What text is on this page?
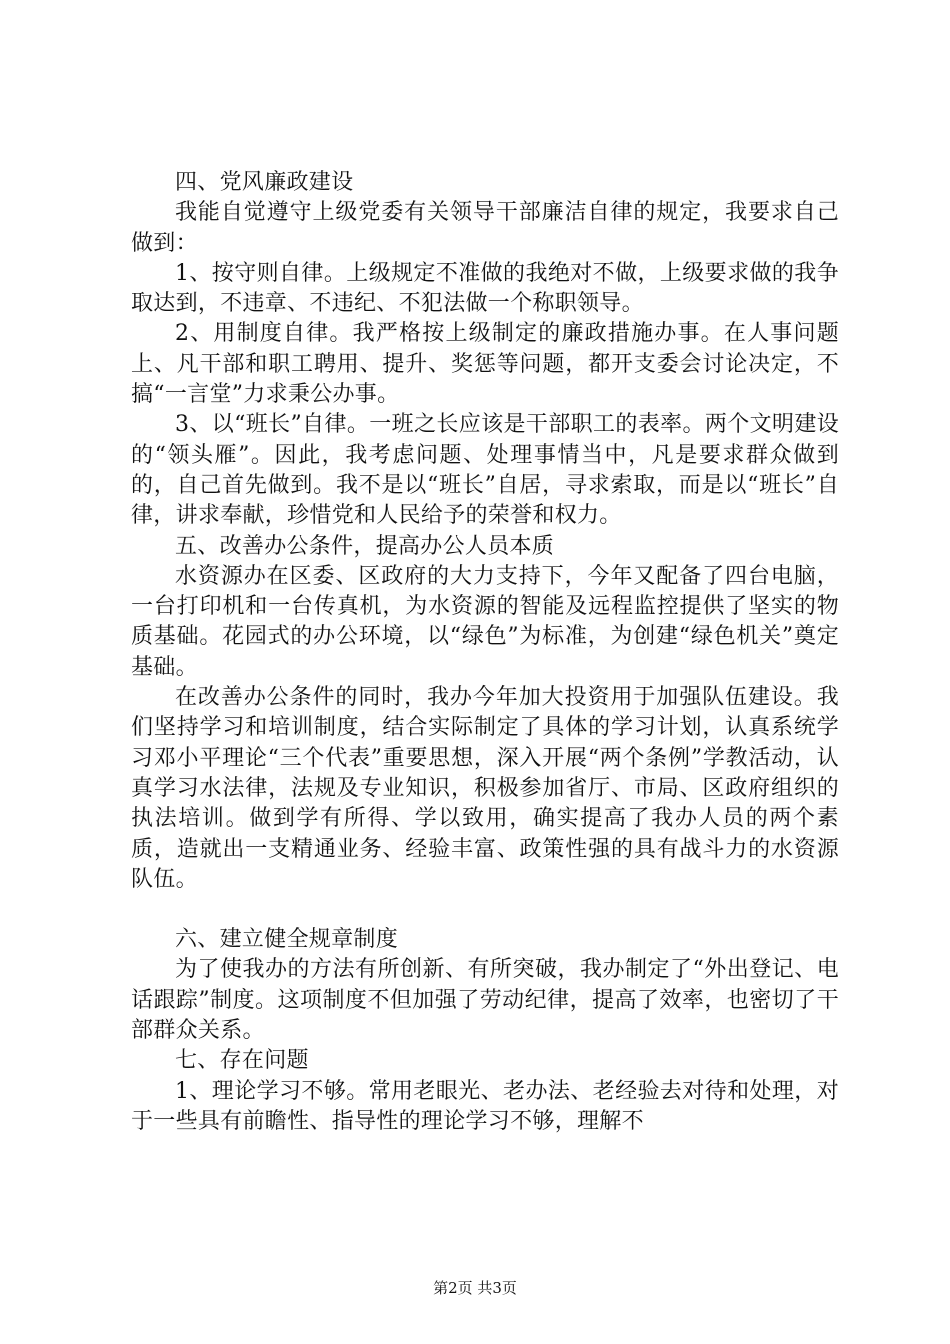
四、党风廉政建设

我能自觉遵守上级党委有关领导干部廉洁自律的规定，我要求自己做到：

1、按守则自律。上级规定不准做的我绝对不做，上级要求做的我争取达到，不违章、不违纪、不犯法做一个称职领导。

2、用制度自律。我严格按上级制定的廉政措施办事。在人事问题上、凡干部和职工聘用、提升、奖惩等问题，都开支委会讨论决定，不搞“一言堂”力求秉公办事。

3、以“班长”自律。一班之长应该是干部职工的表率。两个文明建设的“领头雁”。因此，我考虑问题、处理事情当中，凡是要求群众做到的，自己首先做到。我不是以“班长”自居，寻求索取，而是以“班长”自律，讲求奉献，珍惜党和人民给予的荣誉和权力。

五、改善办公条件，提高办公人员本质

水资源办在区委、区政府的大力支持下，今年又配备了四台电脑，一台打印机和一台传真机，为水资源的智能及远程监控提供了坚实的物质基础。花园式的办公环境，以“绿色”为标准，为创建“绿色机关”奠定基础。

在改善办公条件的同时，我办今年加大投资用于加强队伍建设。我们坚持学习和培训制度，结合实际制定了具体的学习计划，认真系统学习邓小平理论“三个代表”重要思想，深入开展“两个条例”学教活动，认真学习水法律，法规及专业知识，积极参加省厅、市局、区政府组织的执法培训。做到学有所得、学以致用，确实提高了我办人员的两个素质，造就出一支精通业务、经验丰富、政策性强的具有战斗力的水资源队伍。

六、建立健全规章制度

为了使我办的方法有所创新、有所突破，我办制定了“外出登记、电话跟踪”制度。这项制度不但加强了劳动纪律，提高了效率，也密切了干部群众关系。

七、存在问题

1、理论学习不够。常用老眼光、老办法、老经验去对待和处理，对于一些具有前瞻性、指导性的理论学习不够，理解不

第2页 共3页
